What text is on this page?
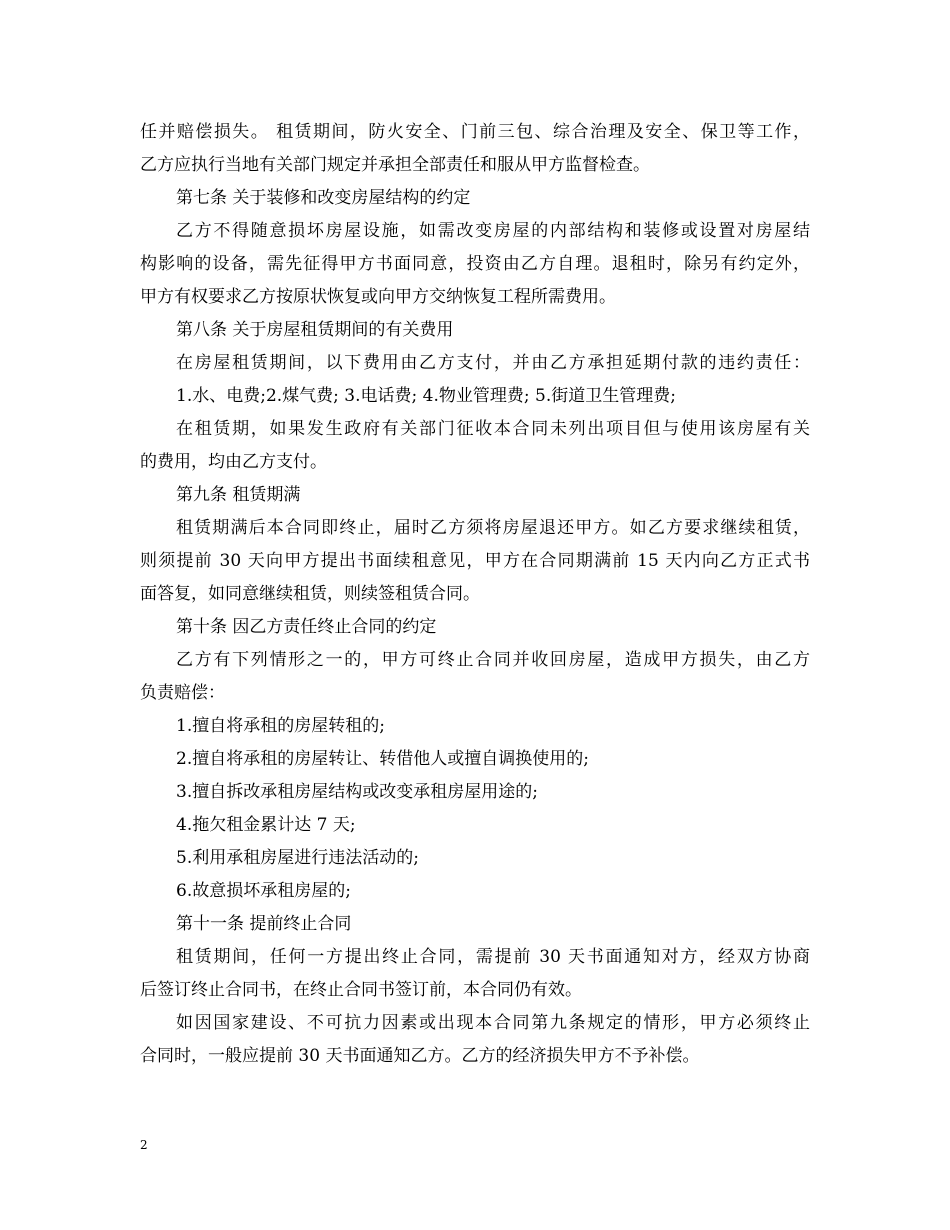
任并赔偿损失。 租赁期间，防火安全、门前三包、综合治理及安全、保卫等工作，
乙方应执行当地有关部门规定并承担全部责任和服从甲方监督检查。
第七条 关于装修和改变房屋结构的约定
乙方不得随意损坏房屋设施，如需改变房屋的内部结构和装修或设置对房屋结
构影响的设备，需先征得甲方书面同意，投资由乙方自理。退租时，除另有约定外，
甲方有权要求乙方按原状恢复或向甲方交纳恢复工程所需费用。
第八条 关于房屋租赁期间的有关费用
在房屋租赁期间，以下费用由乙方支付，并由乙方承担延期付款的违约责任：
1.水、电费;2.煤气费; 3.电话费; 4.物业管理费; 5.街道卫生管理费;
在租赁期，如果发生政府有关部门征收本合同未列出项目但与使用该房屋有关
的费用，均由乙方支付。
第九条 租赁期满
租赁期满后本合同即终止，届时乙方须将房屋退还甲方。如乙方要求继续租赁，
则须提前 30 天向甲方提出书面续租意见，甲方在合同期满前 15 天内向乙方正式书
面答复，如同意继续租赁，则续签租赁合同。
第十条 因乙方责任终止合同的约定
乙方有下列情形之一的，甲方可终止合同并收回房屋，造成甲方损失，由乙方
负责赔偿：
1.擅自将承租的房屋转租的;
2.擅自将承租的房屋转让、转借他人或擅自调换使用的;
3.擅自拆改承租房屋结构或改变承租房屋用途的;
4.拖欠租金累计达 7 天;
5.利用承租房屋进行违法活动的;
6.故意损坏承租房屋的;
第十一条 提前终止合同
租赁期间，任何一方提出终止合同，需提前 30 天书面通知对方，经双方协商
后签订终止合同书，在终止合同书签订前，本合同仍有效。
如因国家建设、不可抗力因素或出现本合同第九条规定的情形，甲方必须终止
合同时，一般应提前 30 天书面通知乙方。乙方的经济损失甲方不予补偿。
2
